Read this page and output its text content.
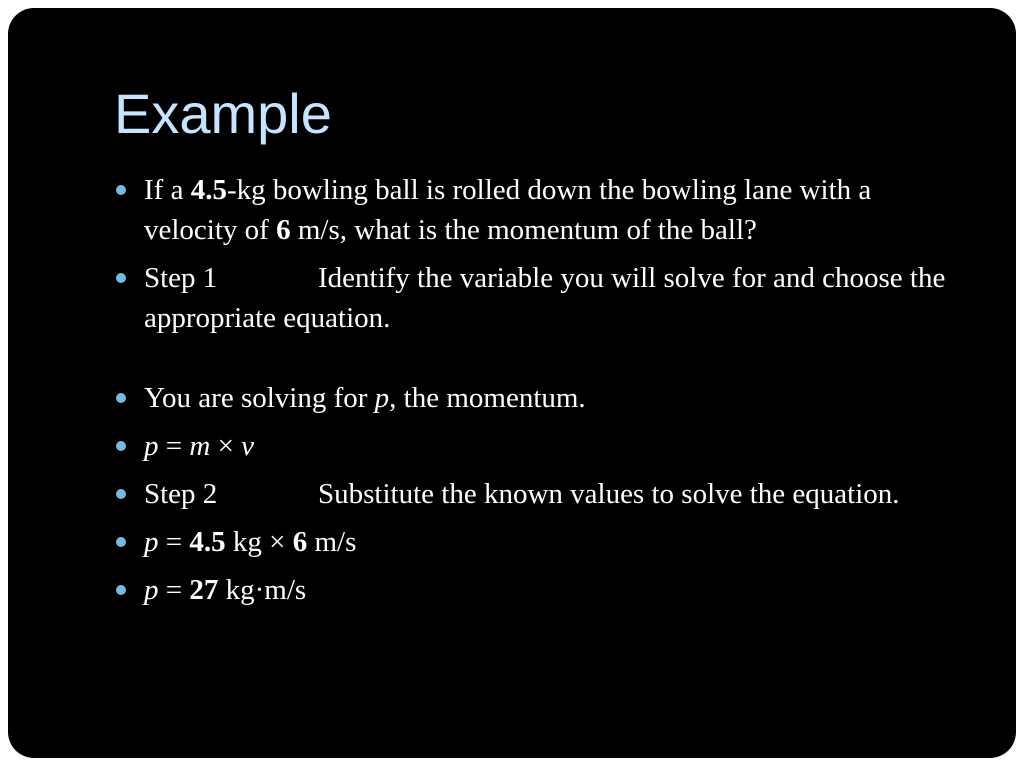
Example
If a 4.5-kg bowling ball is rolled down the bowling lane with a velocity of 6 m/s, what is the momentum of the ball?
Step 1	Identify the variable you will solve for and choose the appropriate equation.
You are solving for p, the momentum.
p = m × v
Step 2	Substitute the known values to solve the equation.
p = 4.5 kg × 6 m/s
p = 27 kg·m/s
